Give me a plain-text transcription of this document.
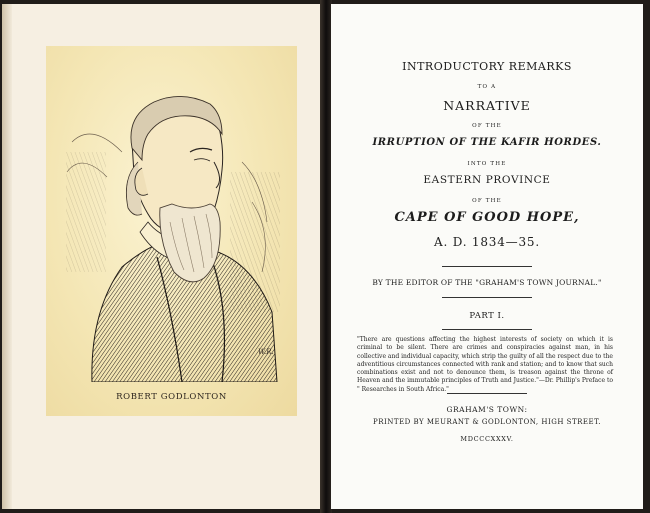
W.R.
ROBERT GODLONTON
INTRODUCTORY REMARKS
TO A
NARRATIVE
OF THE
IRRUPTION OF THE KAFIR HORDES.
INTO THE
EASTERN PROVINCE
OF THE
CAPE OF GOOD HOPE,
A. D. 1834—35.
BY THE EDITOR OF THE "GRAHAM'S TOWN JOURNAL."
PART I.
"There are questions affecting the highest interests of society on which it is criminal to be silent. There are crimes and conspiracies against man, in his collective and individual capacity, which strip the guilty of all the respect due to the adventitious circumstances connected with rank and station; and to know that such combinations exist and not to denounce them, is treason against the throne of Heaven and the immutable principles of Truth and Justice."—Dr. Phillip's Preface to " Researches in South Africa."
GRAHAM'S TOWN:
PRINTED BY MEURANT & GODLONTON, HIGH STREET.
MDCCCXXXV.
